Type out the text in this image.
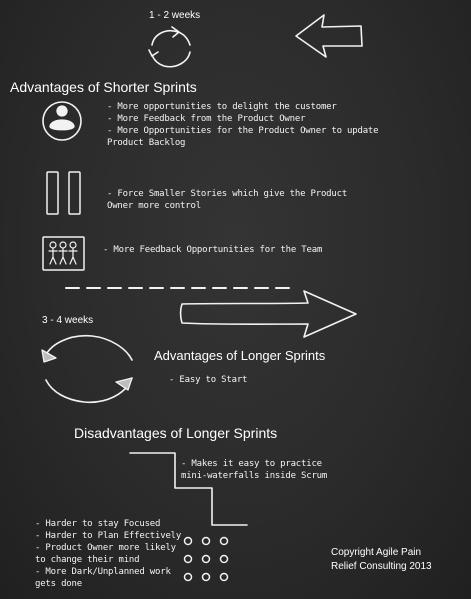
1 - 2 weeks
Advantages of Shorter Sprints

- More opportunities to delight the customer

- More Feedback from the Product Owner

- More Opportunities for the Product Owner to update

Product Backlog

- Force Smaller Stories which give the Product

Owner more control

- More Feedback Opportunities for the Team

3 - 4 weeks
Advantages of Longer Sprints

- Easy to Start

Disadvantages of Longer Sprints

- Makes it easy to practice

mini-waterfalls inside Scrum

- Harder to stay Focused

- Harder to Plan Effectively

- Product Owner more likely

to change their mind

- More Dark/Unplanned work

gets done

Copyright Agile Pain
Relief Consulting 2013
